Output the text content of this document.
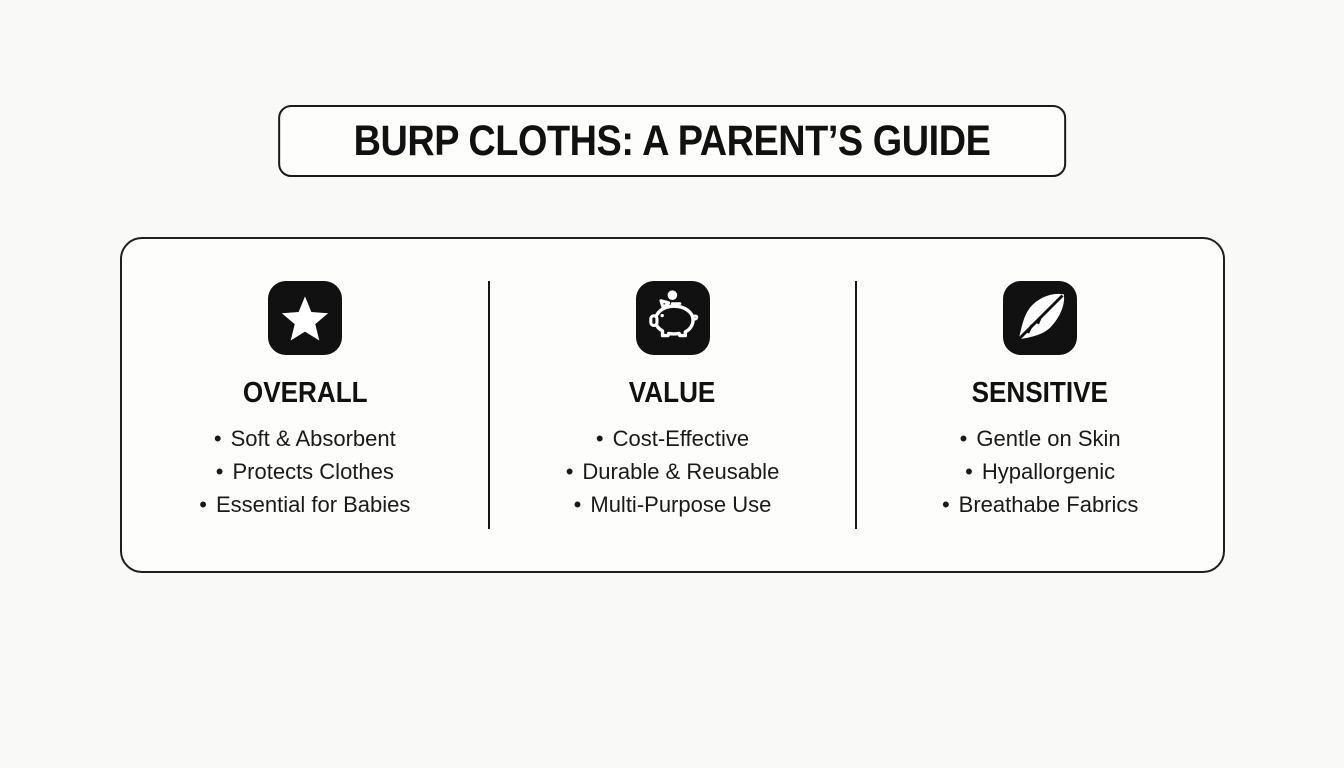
BURP CLOTHS: A PARENT’S GUIDE
OVERALL
• Soft & Absorbent
• Protects Clothes
• Essential for Babies
VALUE
• Cost-Effective
• Durable & Reusable
• Multi-Purpose Use
SENSITIVE
• Gentle on Skin
• Hypallorgenic
• Breathabe Fabrics
